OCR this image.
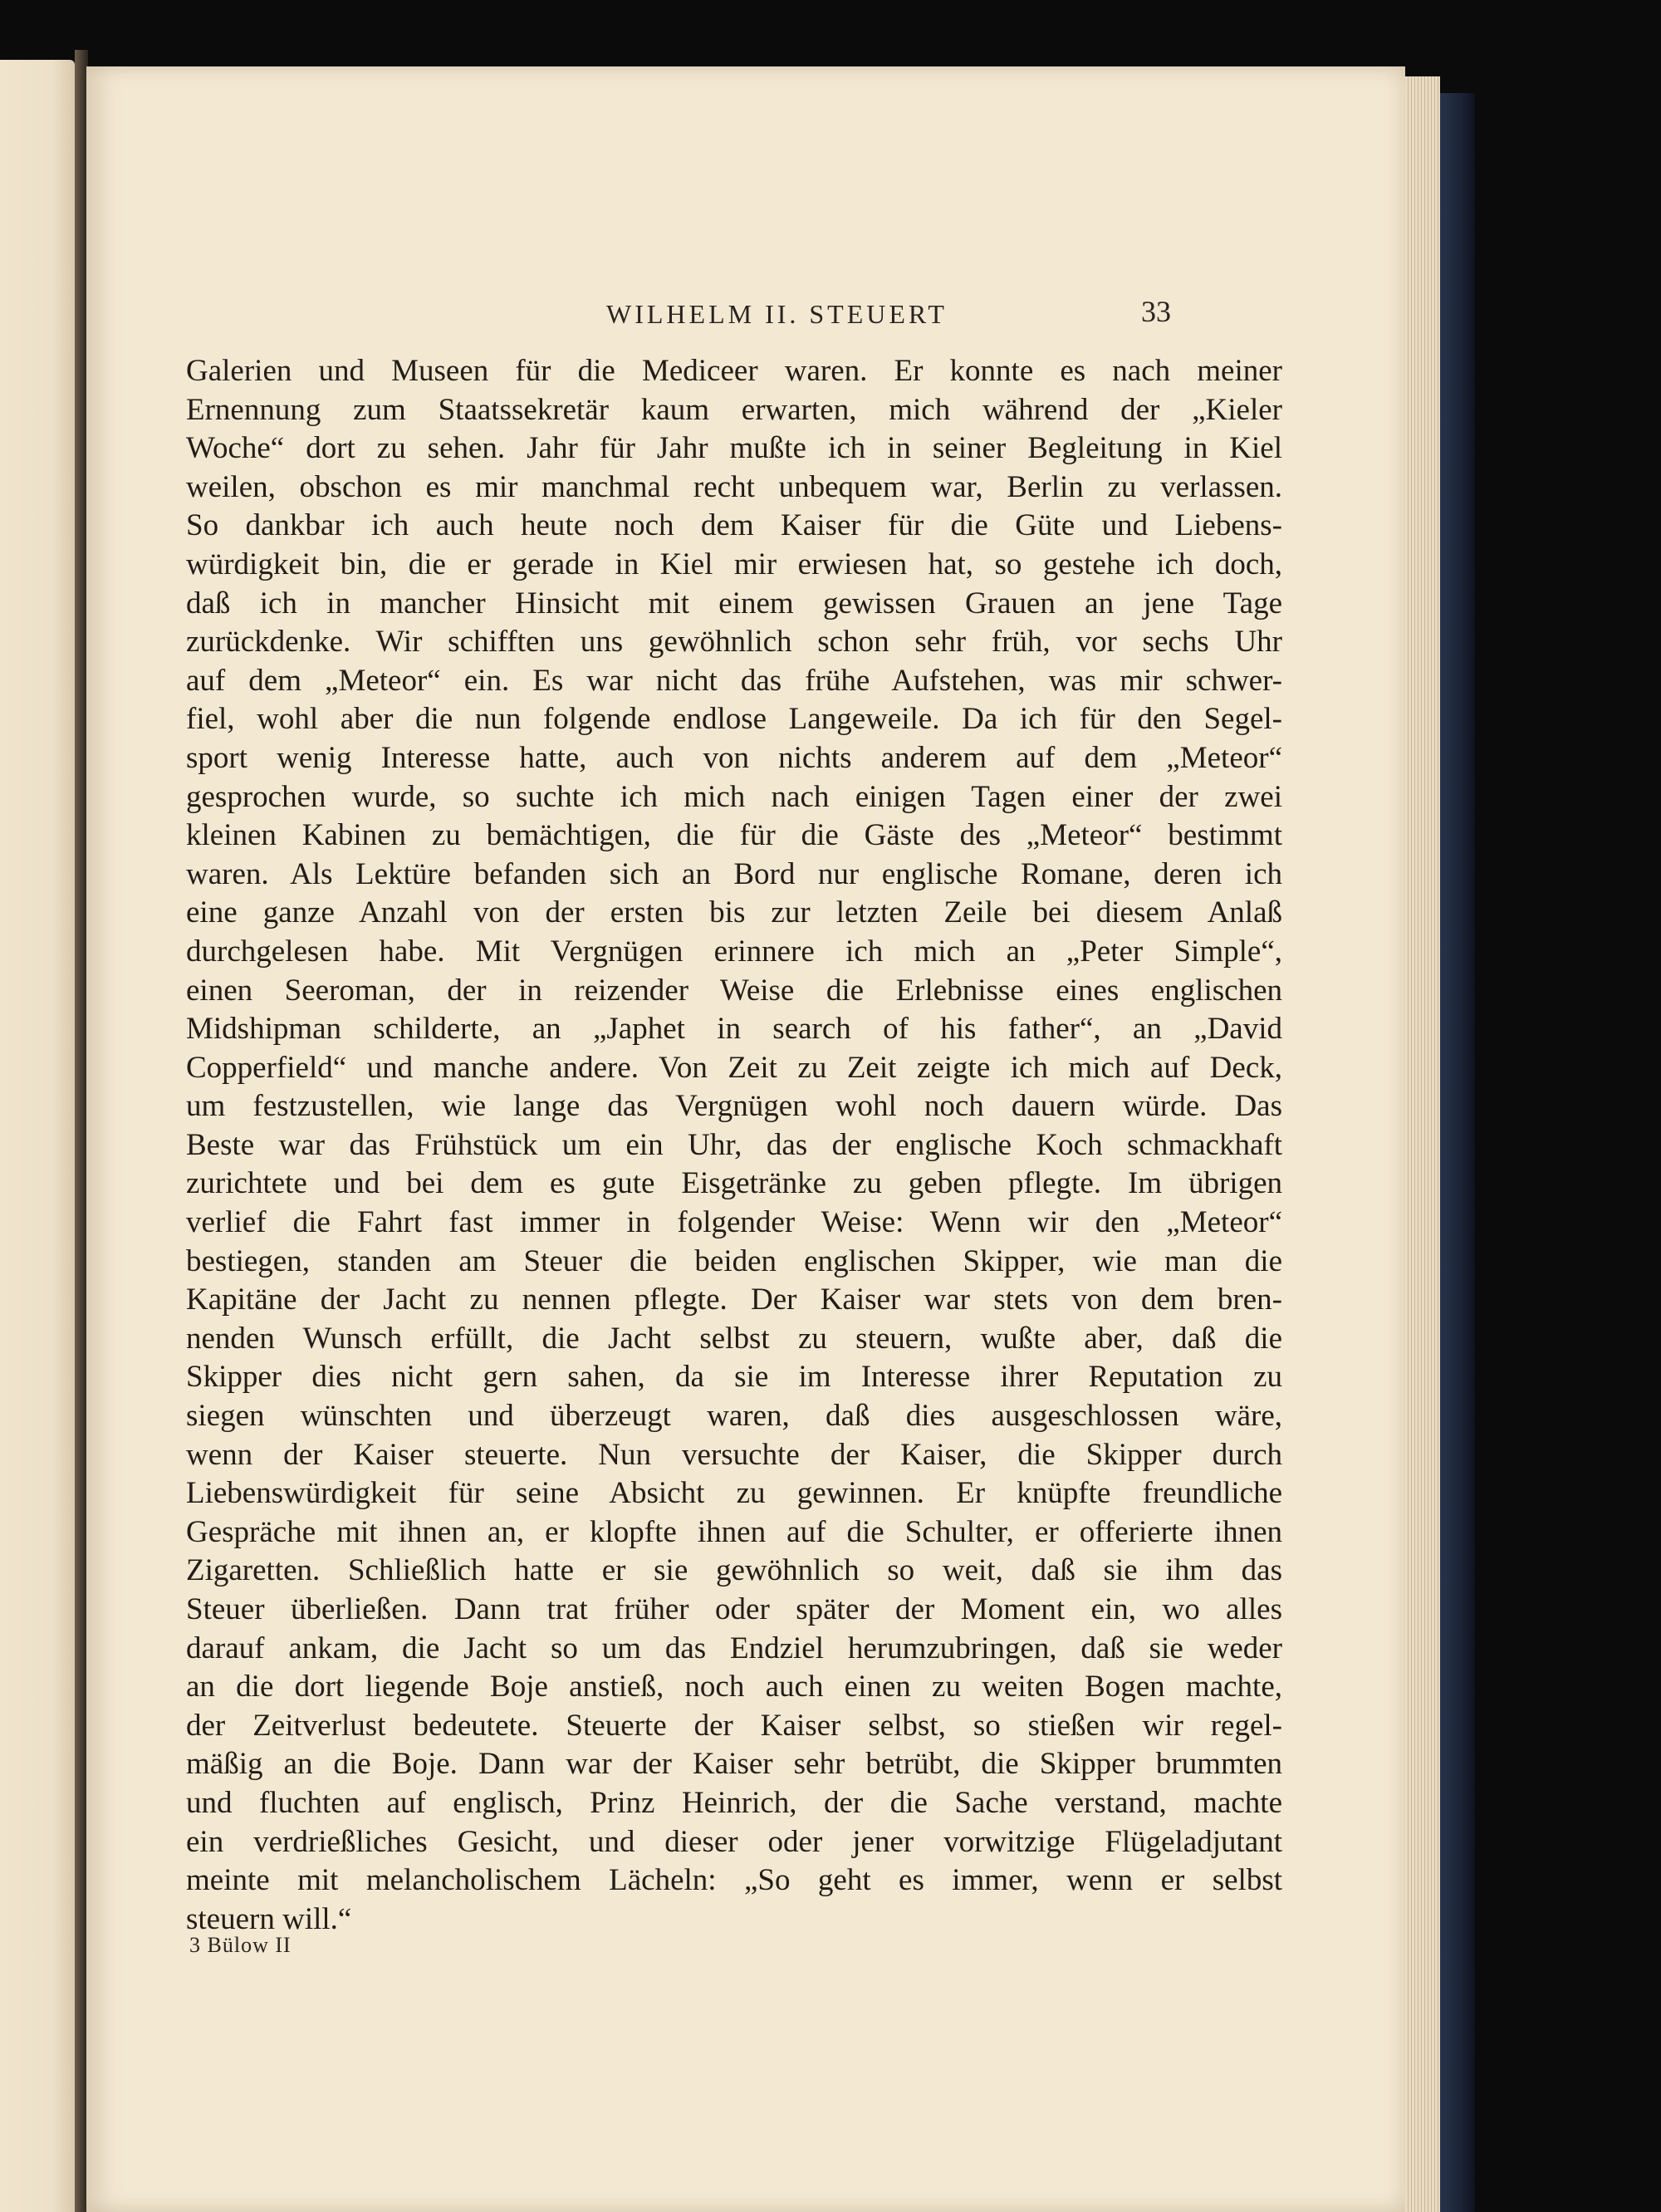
WILHELM II. STEUERT	33
Galerien und Museen für die Mediceer waren. Er konnte es nach meiner
Ernennung zum Staatssekretär kaum erwarten, mich während der „Kieler
Woche“ dort zu sehen. Jahr für Jahr mußte ich in seiner Begleitung in Kiel
weilen, obschon es mir manchmal recht unbequem war, Berlin zu verlassen.
So dankbar ich auch heute noch dem Kaiser für die Güte und Liebens-
würdigkeit bin, die er gerade in Kiel mir erwiesen hat, so gestehe ich doch,
daß ich in mancher Hinsicht mit einem gewissen Grauen an jene Tage
zurückdenke. Wir schifften uns gewöhnlich schon sehr früh, vor sechs Uhr
auf dem „Meteor“ ein. Es war nicht das frühe Aufstehen, was mir schwer-
fiel, wohl aber die nun folgende endlose Langeweile. Da ich für den Segel-
sport wenig Interesse hatte, auch von nichts anderem auf dem „Meteor“
gesprochen wurde, so suchte ich mich nach einigen Tagen einer der zwei
kleinen Kabinen zu bemächtigen, die für die Gäste des „Meteor“ bestimmt
waren. Als Lektüre befanden sich an Bord nur englische Romane, deren ich
eine ganze Anzahl von der ersten bis zur letzten Zeile bei diesem Anlaß
durchgelesen habe. Mit Vergnügen erinnere ich mich an „Peter Simple“,
einen Seeroman, der in reizender Weise die Erlebnisse eines englischen
Midshipman schilderte, an „Japhet in search of his father“, an „David
Copperfield“ und manche andere. Von Zeit zu Zeit zeigte ich mich auf Deck,
um festzustellen, wie lange das Vergnügen wohl noch dauern würde. Das
Beste war das Frühstück um ein Uhr, das der englische Koch schmackhaft
zurichtete und bei dem es gute Eisgetränke zu geben pflegte. Im übrigen
verlief die Fahrt fast immer in folgender Weise: Wenn wir den „Meteor“
bestiegen, standen am Steuer die beiden englischen Skipper, wie man die
Kapitäne der Jacht zu nennen pflegte. Der Kaiser war stets von dem bren-
nenden Wunsch erfüllt, die Jacht selbst zu steuern, wußte aber, daß die
Skipper dies nicht gern sahen, da sie im Interesse ihrer Reputation zu
siegen wünschten und überzeugt waren, daß dies ausgeschlossen wäre,
wenn der Kaiser steuerte. Nun versuchte der Kaiser, die Skipper durch
Liebenswürdigkeit für seine Absicht zu gewinnen. Er knüpfte freundliche
Gespräche mit ihnen an, er klopfte ihnen auf die Schulter, er offerierte ihnen
Zigaretten. Schließlich hatte er sie gewöhnlich so weit, daß sie ihm das
Steuer überließen. Dann trat früher oder später der Moment ein, wo alles
darauf ankam, die Jacht so um das Endziel herumzubringen, daß sie weder
an die dort liegende Boje anstieß, noch auch einen zu weiten Bogen machte,
der Zeitverlust bedeutete. Steuerte der Kaiser selbst, so stießen wir regel-
mäßig an die Boje. Dann war der Kaiser sehr betrübt, die Skipper brummten
und fluchten auf englisch, Prinz Heinrich, der die Sache verstand, machte
ein verdrießliches Gesicht, und dieser oder jener vorwitzige Flügeladjutant
meinte mit melancholischem Lächeln: „So geht es immer, wenn er selbst
steuern will.“
3 Bülow II
